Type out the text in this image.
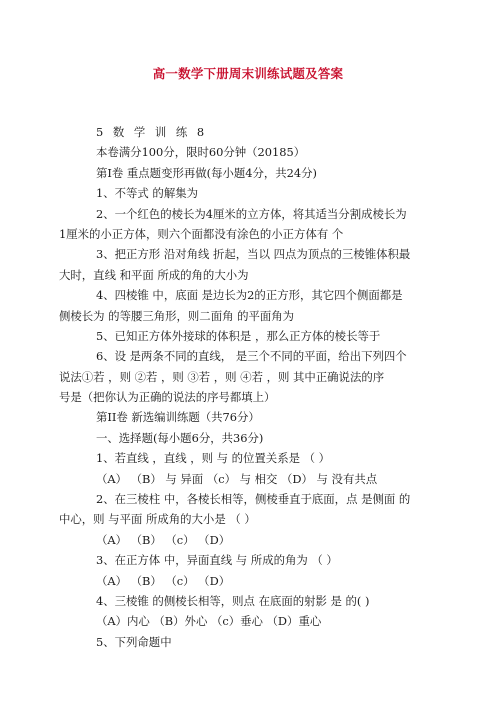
高一数学下册周末训练试题及答案
5 数 学 训 练 8
本卷满分100分，限时60分钟（20185）
第I卷 重点题变形再做(每小题4分，共24分)
1、不等式 的解集为
2、一个红色的棱长为4厘米的立方体，将其适当分割成棱长为
1厘米的小正方体，则六个面都没有涂色的小正方体有 个
3、把正方形 沿对角线 折起，当以 四点为顶点的三棱锥体积最
大时，直线 和平面 所成的角的大小为
4、四棱锥 中，底面 是边长为2的正方形，其它四个侧面都是
侧棱长为 的等腰三角形，则二面角 的平面角为
5、已知正方体外接球的体积是 ，那么正方体的棱长等于
6、设 是两条不同的直线， 是三个不同的平面，给出下列四个
说法①若 ，则 ②若 ，则 ③若 ，则 ④若 ，则 其中正确说法的序
号是（把你认为正确的说法的序号都填上）
第II卷 新选编训练题（共76分）
一、选择题(每小题6分，共36分)
1、若直线 ，直线 ，则 与 的位置关系是 （ ）
（A） （B） 与 异面 （c） 与 相交 （D） 与 没有共点
2、在三棱柱 中，各棱长相等，侧棱垂直于底面，点 是侧面 的
中心，则 与平面 所成角的大小是 （ ）
（A） （B） （c） （D）
3、在正方体 中，异面直线 与 所成的角为 （ ）
（A） （B） （c） （D）
4、三棱锥 的侧棱长相等，则点 在底面的射影 是 的( )
（A）内心 （B）外心 （c）垂心 （D）重心
5、下列命题中
